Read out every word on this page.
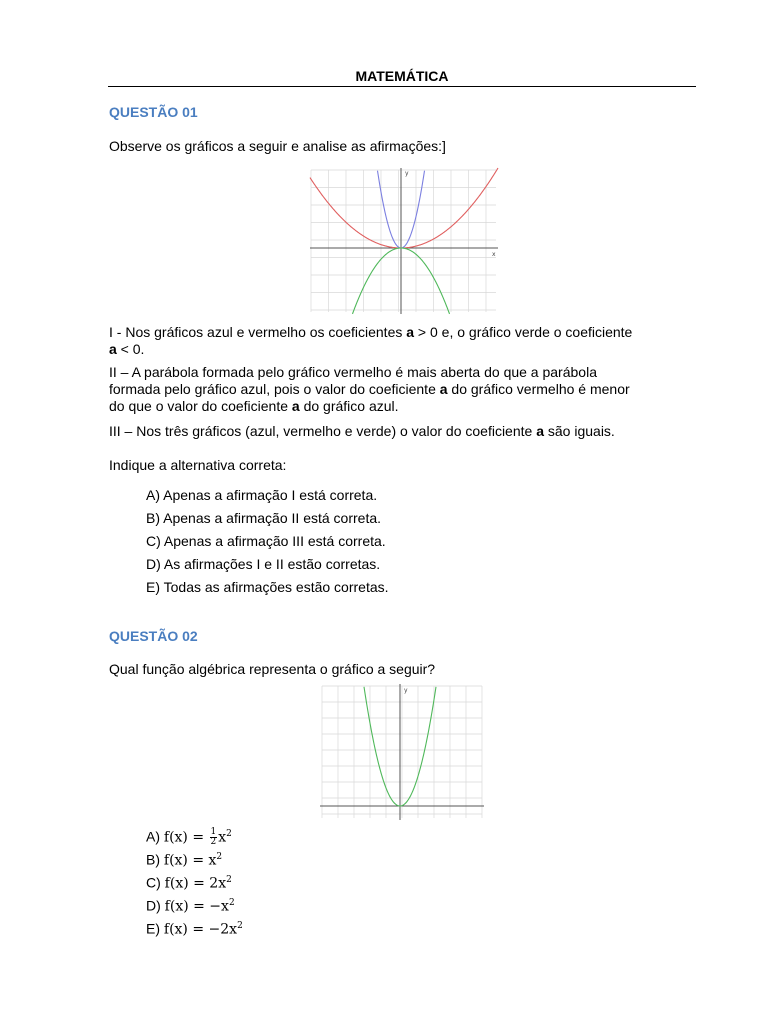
MATEMÁTICA
QUESTÃO 01
Observe os gráficos a seguir e analise as afirmações:]
y
x
I - Nos gráficos azul e vermelho os coeficientes a > 0 e, o gráfico verde o coeficiente
a < 0.
II – A parábola formada pelo gráfico vermelho é mais aberta do que a parábola
formada pelo gráfico azul, pois o valor do coeficiente a do gráfico vermelho é menor
do que o valor do coeficiente a do gráfico azul.
III – Nos três gráficos (azul, vermelho e verde) o valor do coeficiente a são iguais.
Indique a alternativa correta:
A) Apenas a afirmação I está correta.
B) Apenas a afirmação II está correta.
C) Apenas a afirmação III está correta.
D) As afirmações I e II estão corretas.
E) Todas as afirmações estão corretas.
QUESTÃO 02
Qual função algébrica representa o gráfico a seguir?
y
A) $f(x) = \frac{1}{2} x^2$
B) $f(x) = x^2$
C) $f(x) = 2x^2$
D) $f(x) = -x^2$
E) $f(x) = -2x^2$
